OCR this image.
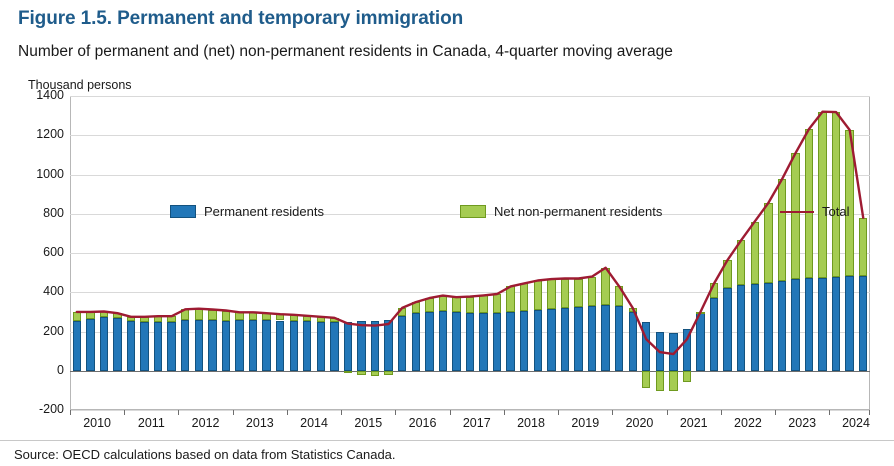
Figure 1.5. Permanent and temporary immigration
Number of permanent and (net) non-permanent residents in Canada, 4-quarter moving average
Thousand persons
-200
0
200
400
600
800
1000
1200
1400
Permanent residents	Net non-permanent residents	Total
2010 2011 2012 2013 2014 2015 2016 2017 2018 2019 2020 2021 2022 2023 2024
Source: OECD calculations based on data from Statistics Canada.
